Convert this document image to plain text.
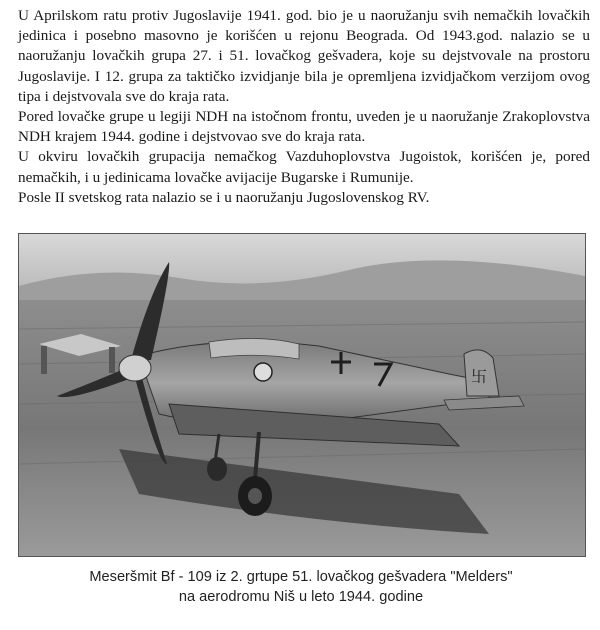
U Aprilskom ratu protiv Jugoslavije 1941. god. bio je u naoružanju svih nemačkih lovačkih jedinica i posebno masovno je korišćen u rejonu Beograda. Od 1943.god. nalazio se u naoružanju lovačkih grupa 27. i 51. lovačkog gešvadera, koje su dejstvovale na prostoru Jugoslavije. I 12. grupa za taktičko izvidjanje bila je opremljena izvidjačkom verzijom ovog tipa i dejstvovala sve do kraja rata.

Pored lovačke grupe u legiji NDH na istočnom frontu, uveden je u naoružanje Zrakoplovstva NDH krajem 1944. godine i dejstvovao sve do kraja rata.

U okviru lovačkih grupacija nemačkog Vazduhoplovstva Jugoistok, korišćen je, pored nemačkih, i u jedinicama lovačke avijacije Bugarske i Rumunije.

Posle II svetskog rata nalazio se i u naoružanju Jugoslovenskog RV.

卐
Meseršmit Bf - 109 iz 2. grtupe 51. lovačkog gešvadera "Melders"
na aerodromu Niš u leto 1944. godine
